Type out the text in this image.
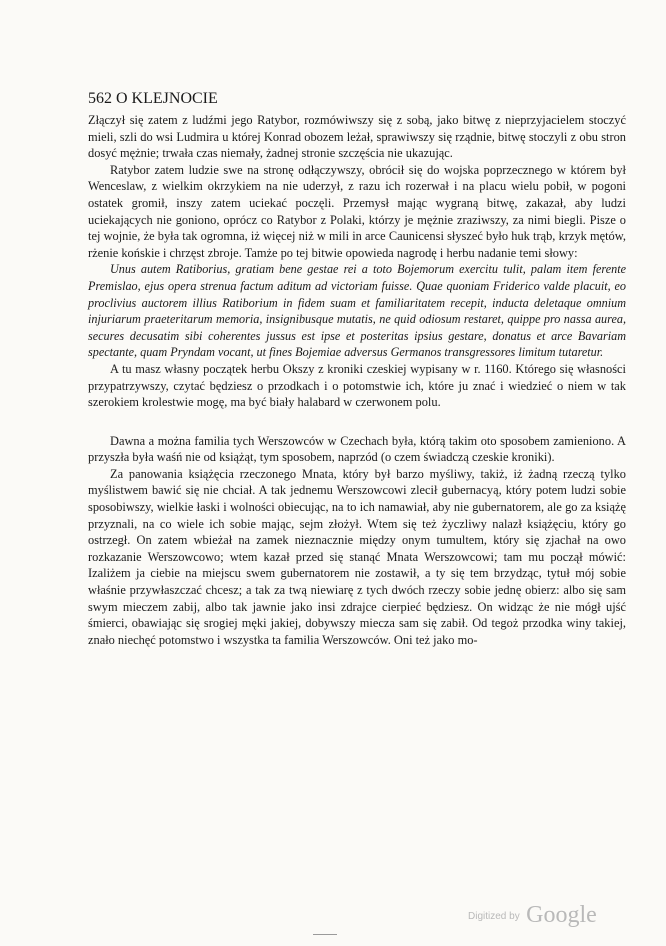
562 O KLEJNOCIE

Złączył się zatem z ludźmi jego Ratybor, rozmówiwszy się z sobą, jako bitwę z nieprzyjacielem stoczyć mieli, szli do wsi Ludmira u której Konrad obozem leżał, sprawiwszy się rządnie, bitwę stoczyli z obu stron dosyć mężnie; trwała czas niemały, żadnej stronie szczęścia nie ukazując.

Ratybor zatem ludzie swe na stronę odłączywszy, obrócił się do wojska poprzecznego w którem był Wenceslaw, z wielkim okrzykiem na nie uderzył, z razu ich rozerwał i na placu wielu pobił, w pogoni ostatek gromił, inszy zatem uciekać poczęli. Przemysł mając wygraną bitwę, zakazał, aby ludzi uciekających nie goniono, oprócz co Ratybor z Polaki, którzy je mężnie zraziwszy, za nimi biegli. Pisze o tej wojnie, że była tak ogromna, iż więcej niż w mili in arce Caunicensi słyszeć było huk trąb, krzyk mętów, rżenie końskie i chrzęst zbroje. Tamże po tej bitwie opowieda nagrodę i herbu nadanie temi słowy:

Unus autem Ratiborius, gratiam bene gestae rei a toto Bojemorum exercitu tulit, palam item ferente Premislao, ejus opera strenua factum aditum ad victoriam fuisse. Quae quoniam Friderico valde placuit, eo proclivius auctorem illius Ratiborium in fidem suam et familiaritatem recepit, inducta deletaque omnium injuriarum praeteritarum memoria, insignibusque mutatis, ne quid odiosum restaret, quippe pro nassa aurea, secures decusatim sibi coherentes jussus est ipse et posteritas ipsius gestare, donatus et arce Bavariam spectante, quam Pryndam vocant, ut fines Bojemiae adversus Germanos transgressores limitum tutaretur.

A tu masz własny początek herbu Okszy z kroniki czeskiej wypisany w r. 1160. Którego się własności przypatrzywszy, czytać będziesz o przodkach i o potomstwie ich, które ju znać i wiedzieć o niem w tak szerokiem krolestwie mogę, ma być biały halabard w czerwonem polu.

Dawna a można familia tych Werszowców w Czechach była, którą takim oto sposobem zamieniono. A przyszła była waśń nie od książąt, tym sposobem, naprzód (o czem świadczą czeskie kroniki).

Za panowania książęcia rzeczonego Mnata, który był barzo myśliwy, takiż, iż żadną rzeczą tylko myślistwem bawić się nie chciał. A tak jednemu Werszowcowi zlecił gubernacyą, który potem ludzi sobie sposobiwszy, wielkie łaski i wolności obiecując, na to ich namawiał, aby nie gubernatorem, ale go za książę przyznali, na co wiele ich sobie mając, sejm złożył. Wtem się też życzliwy nalazł książęciu, który go ostrzegł. On zatem wbieżał na zamek nieznacznie między onym tumultem, który się zjachał na owo rozkazanie Werszowcowo; wtem kazał przed się stanąć Mnata Werszowcowi; tam mu począł mówić: Izaliżem ja ciebie na miejscu swem gubernatorem nie zostawił, a ty się tem brzydząc, tytuł mój sobie właśnie przywłaszczać chcesz; a tak za twą niewiarę z tych dwóch rzeczy sobie jednę obierz: albo się sam swym mieczem zabij, albo tak jawnie jako insi zdrajce cierpieć będziesz. On widząc że nie mógł ujść śmierci, obawiając się srogiej męki jakiej, dobywszy miecza sam się zabił. Od tegoż przodka winy takiej, znało niechęć potomstwo i wszystka ta familia Werszowców. Oni też jako mo-

Digitized by Google
